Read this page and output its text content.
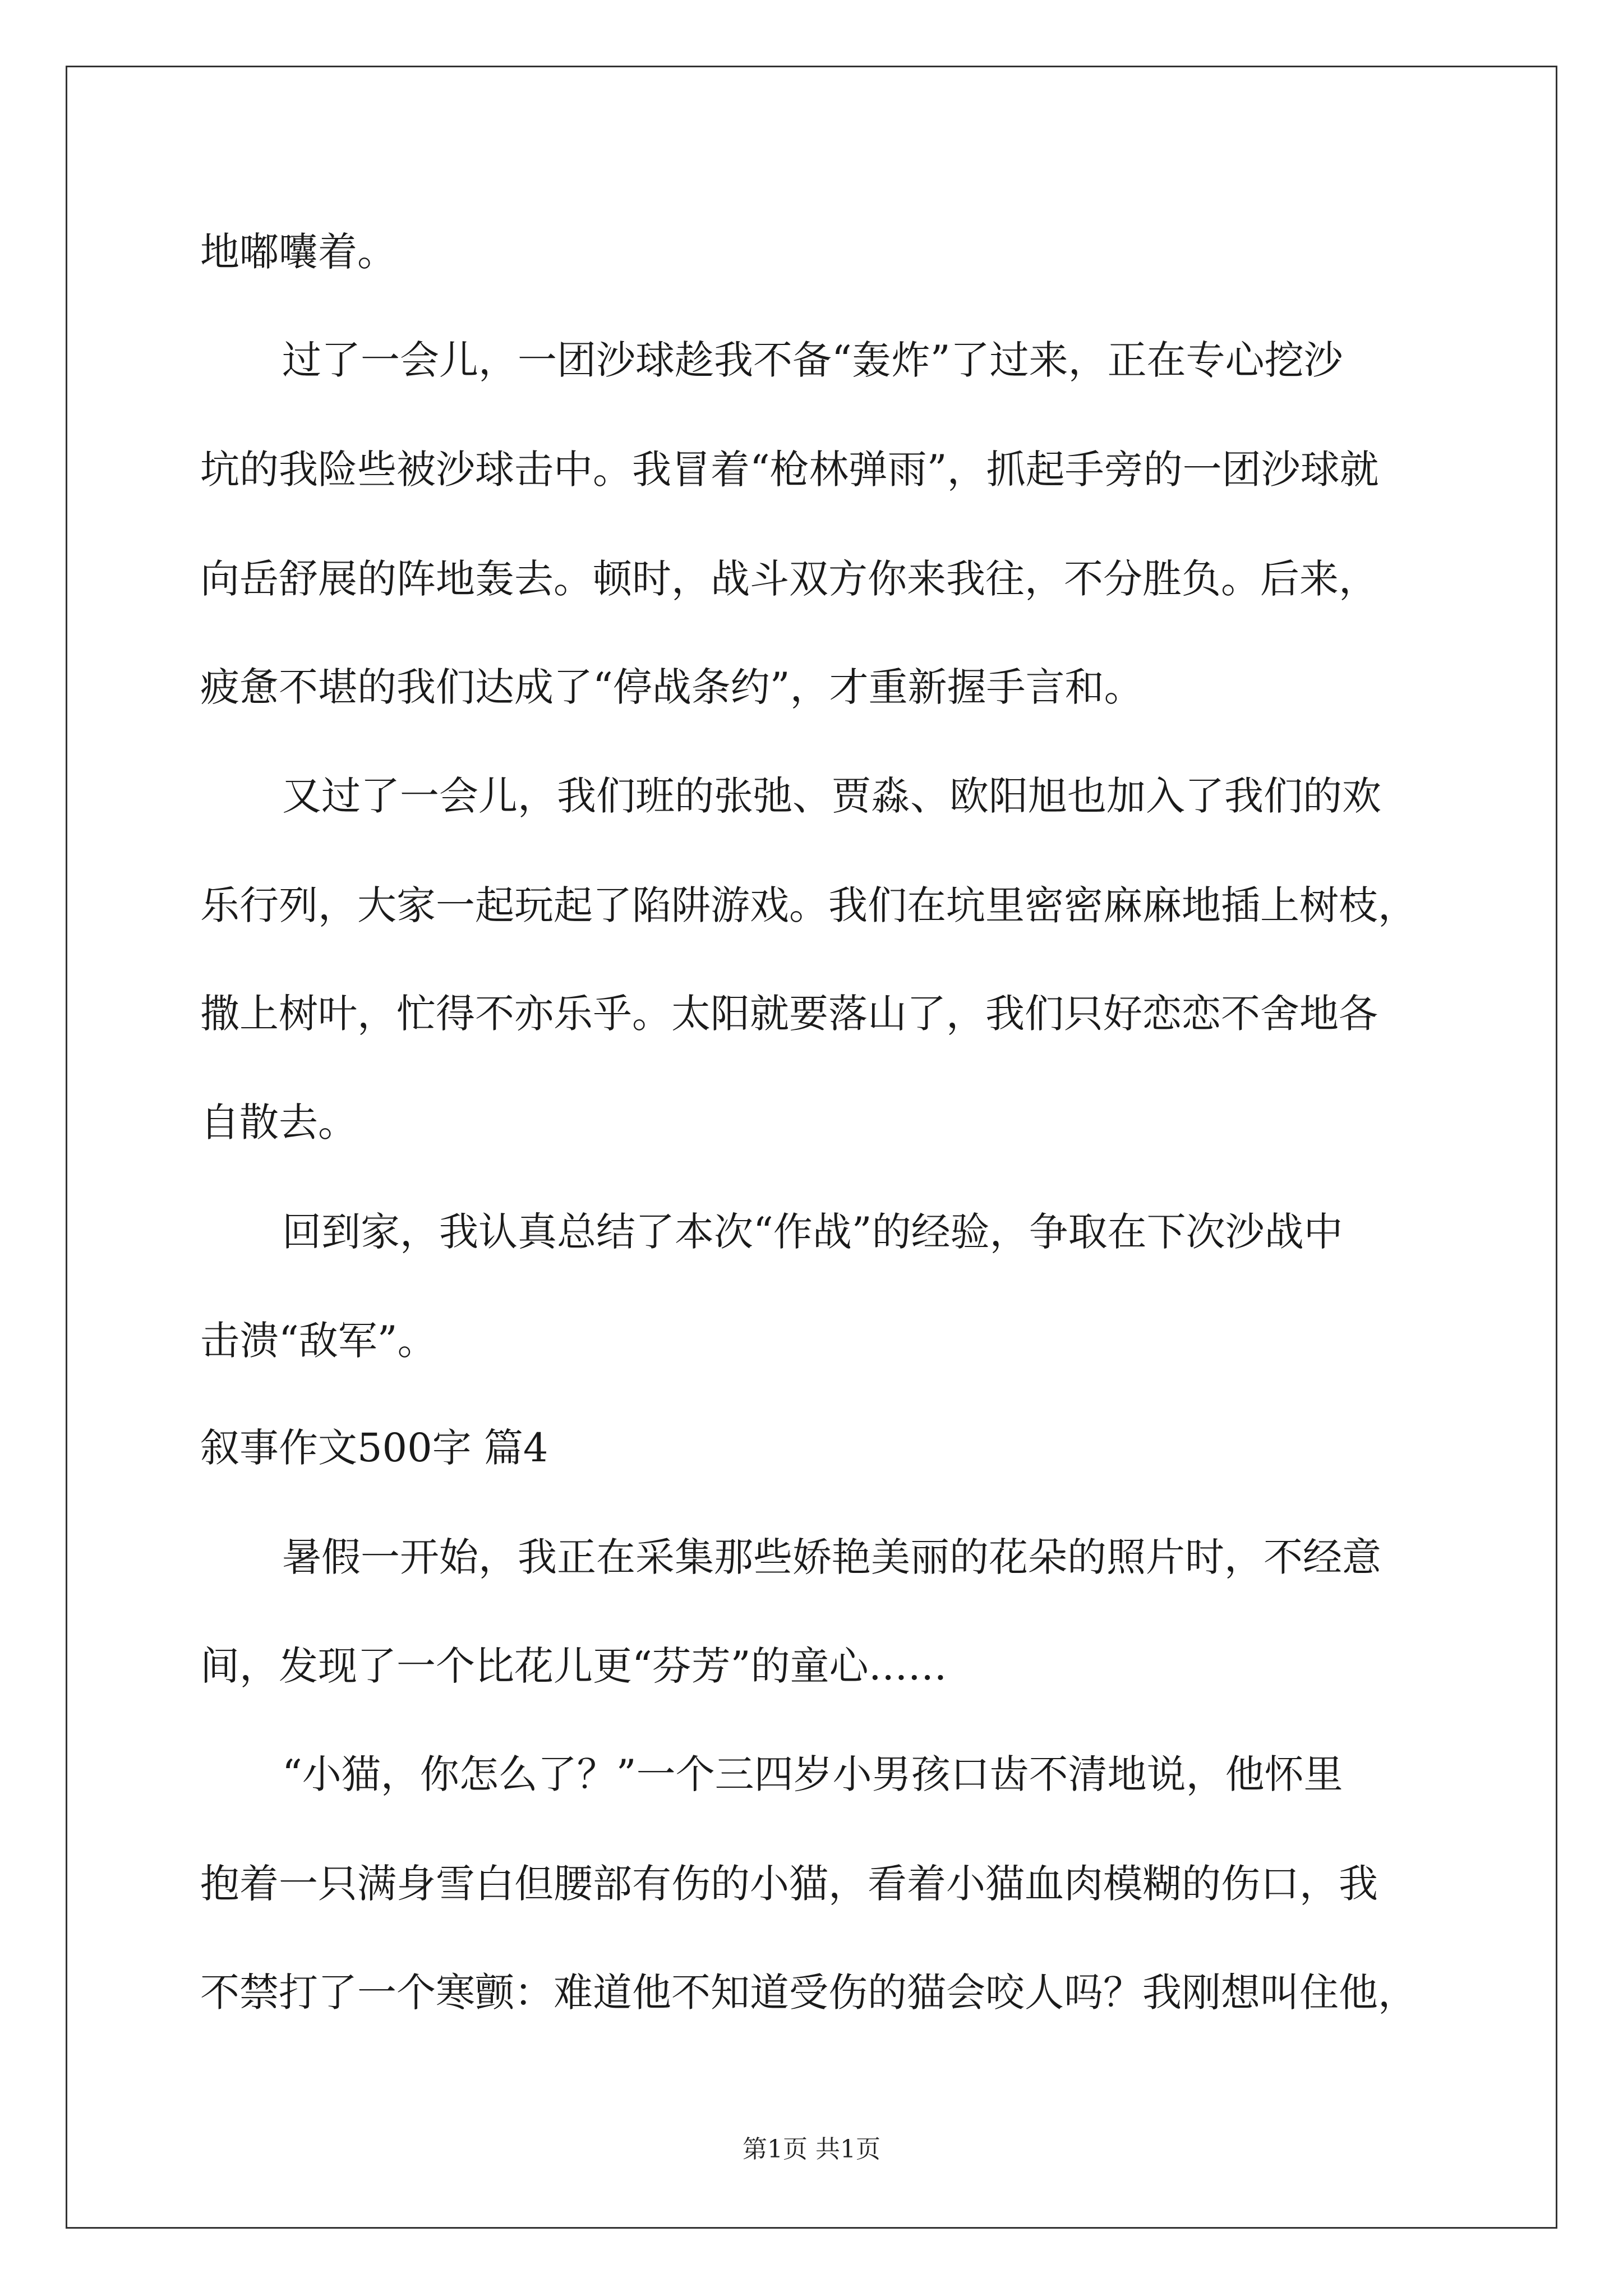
地嘟囔着。
过了一会儿，一团沙球趁我不备“轰炸”了过来，正在专心挖沙
坑的我险些被沙球击中。我冒着“枪林弹雨”，抓起手旁的一团沙球就
向岳舒展的阵地轰去。顿时，战斗双方你来我往，不分胜负。后来，
疲惫不堪的我们达成了“停战条约”，才重新握手言和。
又过了一会儿，我们班的张弛、贾淼、欧阳旭也加入了我们的欢
乐行列，大家一起玩起了陷阱游戏。我们在坑里密密麻麻地插上树枝，
撒上树叶，忙得不亦乐乎。太阳就要落山了，我们只好恋恋不舍地各
自散去。
回到家，我认真总结了本次“作战”的经验，争取在下次沙战中
击溃“敌军”。
叙事作文500字 篇4
暑假一开始，我正在采集那些娇艳美丽的花朵的照片时，不经意
间，发现了一个比花儿更“芬芳”的童心……
“小猫，你怎么了？”一个三四岁小男孩口齿不清地说，他怀里
抱着一只满身雪白但腰部有伤的小猫，看着小猫血肉模糊的伤口，我
不禁打了一个寒颤：难道他不知道受伤的猫会咬人吗？我刚想叫住他，
第1页 共1页
